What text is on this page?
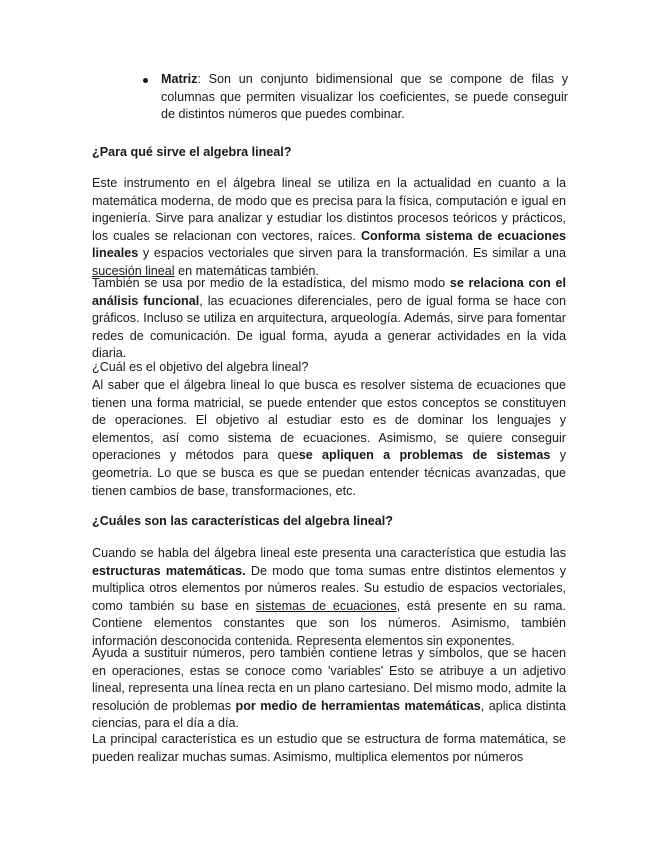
Matriz: Son un conjunto bidimensional que se compone de filas y columnas que permiten visualizar los coeficientes, se puede conseguir de distintos números que puedes combinar.

¿Para qué sirve el algebra lineal?

Este instrumento en el álgebra lineal se utiliza en la actualidad en cuanto a la matemática moderna, de modo que es precisa para la física, computación e igual en ingeniería. Sirve para analizar y estudiar los distintos procesos teóricos y prácticos, los cuales se relacionan con vectores, raíces. Conforma sistema de ecuaciones lineales y espacios vectoriales que sirven para la transformación. Es similar a una sucesión lineal en matemáticas también.

También se usa por medio de la estadística, del mismo modo se relaciona con el análisis funcional, las ecuaciones diferenciales, pero de igual forma se hace con gráficos. Incluso se utiliza en arquitectura, arqueología. Además, sirve para fomentar redes de comunicación. De igual forma, ayuda a generar actividades en la vida diaria.

¿Cuál es el objetivo del algebra lineal?

Al saber que el álgebra lineal lo que busca es resolver sistema de ecuaciones que tienen una forma matricial, se puede entender que estos conceptos se constituyen de operaciones. El objetivo al estudiar esto es de dominar los lenguajes y elementos, así como sistema de ecuaciones. Asimismo, se quiere conseguir operaciones y métodos para quese apliquen a problemas de sistemas y geometría. Lo que se busca es que se puedan entender técnicas avanzadas, que tienen cambios de base, transformaciones, etc.

¿Cuáles son las características del algebra lineal?

Cuando se habla del álgebra lineal este presenta una característica que estudia las estructuras matemáticas. De modo que toma sumas entre distintos elementos y multiplica otros elementos por números reales. Su estudio de espacios vectoriales, como también su base en sistemas de ecuaciones, está presente en su rama. Contiene elementos constantes que son los números. Asimismo, también información desconocida contenida. Representa elementos sin exponentes.

Ayuda a sustituir números, pero también contiene letras y símbolos, que se hacen en operaciones, estas se conoce como 'variables' Esto se atribuye a un adjetivo lineal, representa una línea recta en un plano cartesiano. Del mismo modo, admite la resolución de problemas por medio de herramientas matemáticas, aplica distinta ciencias, para el día a día.

La principal característica es un estudio que se estructura de forma matemática, se pueden realizar muchas sumas. Asimismo, multiplica elementos por números
